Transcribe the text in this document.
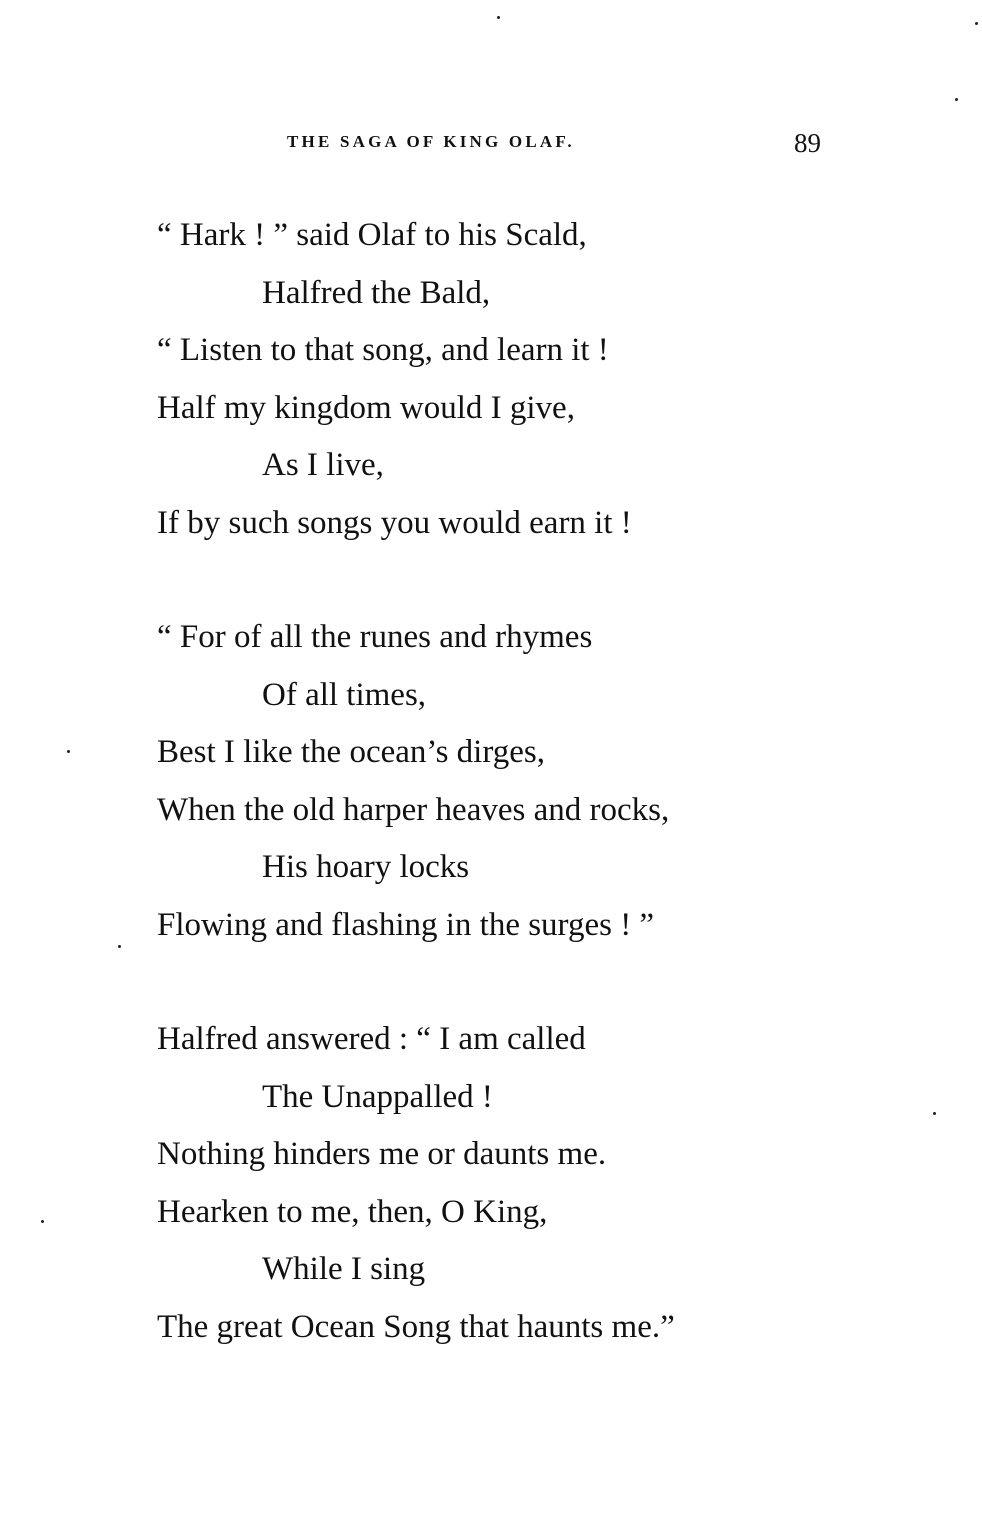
THE SAGA OF KING OLAF.	89
“ Hark ! ” said Olaf to his Scald,
Halfred the Bald,
“ Listen to that song, and learn it !
Half my kingdom would I give,
As I live,
If by such songs you would earn it !
“ For of all the runes and rhymes
Of all times,
Best I like the ocean’s dirges,
When the old harper heaves and rocks,
His hoary locks
Flowing and flashing in the surges ! ”
Halfred answered : “ I am called
The Unappalled !
Nothing hinders me or daunts me.
Hearken to me, then, O King,
While I sing
The great Ocean Song that haunts me.”
